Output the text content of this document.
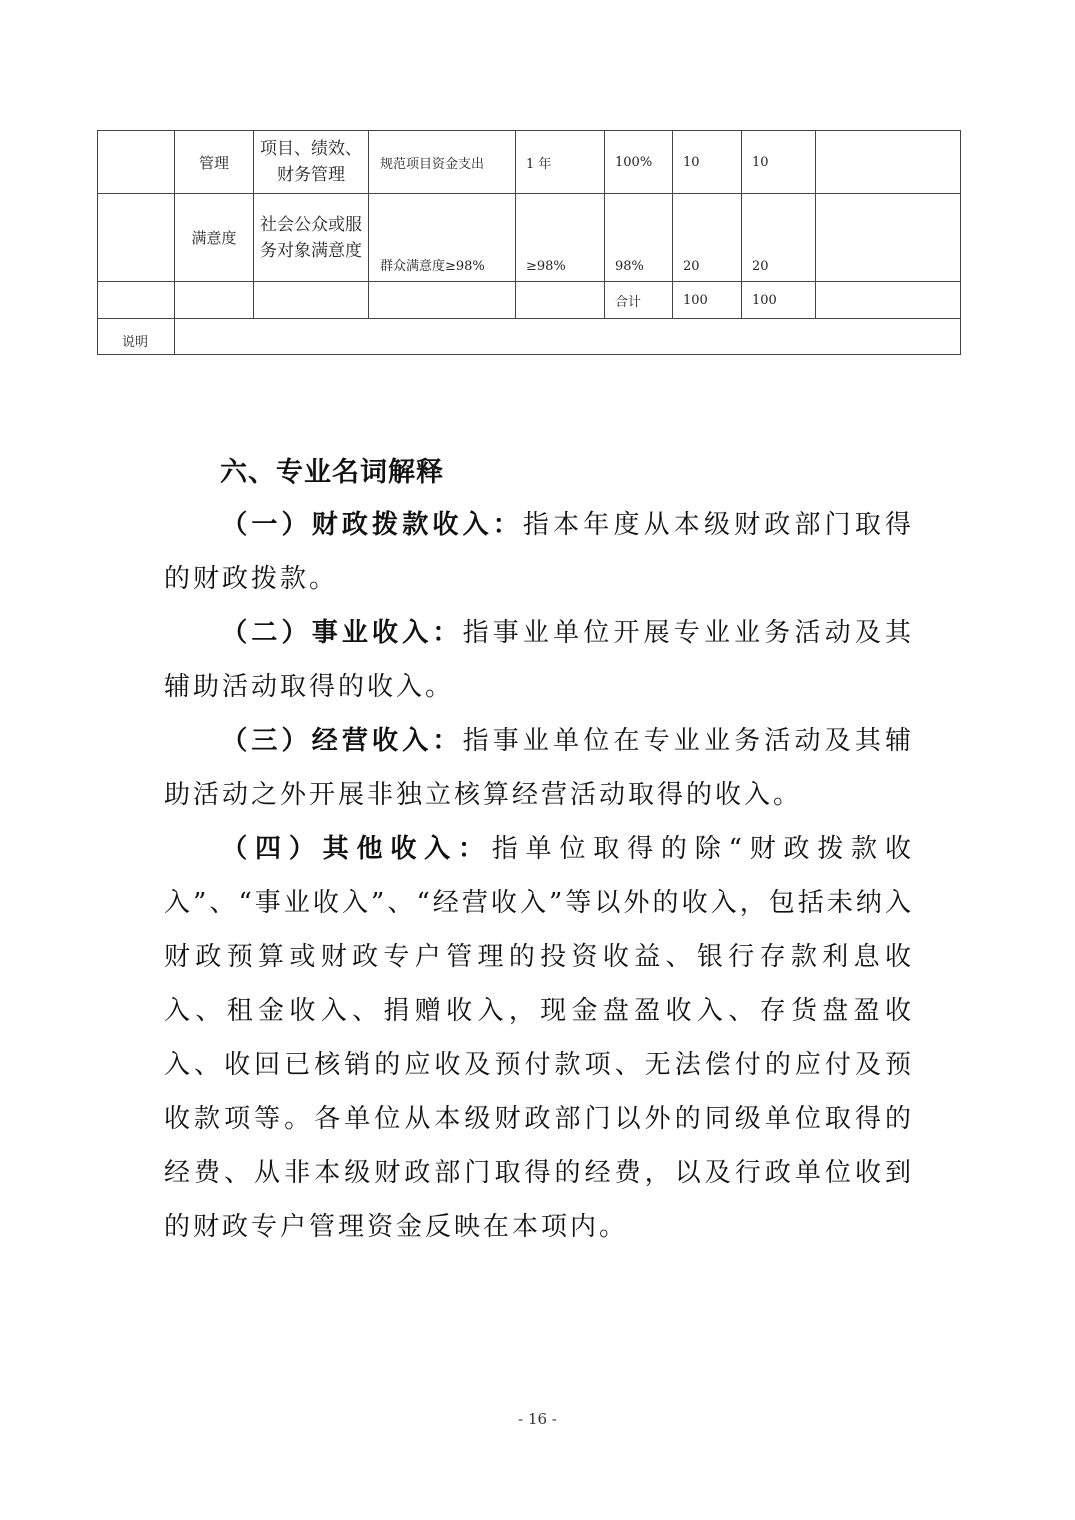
	管理	项目、绩效、财务管理	规范项目资金支出	1 年	100%	10	10	
	满意度	社会公众或服务对象满意度	群众满意度≥98%	≥98%	98%	20	20	
					合计	100	100	
说明								
六、专业名词解释

（一）财政拨款收入：指本年度从本级财政部门取得的财政拨款。

（二）事业收入：指事业单位开展专业业务活动及其辅助活动取得的收入。

（三）经营收入：指事业单位在专业业务活动及其辅助活动之外开展非独立核算经营活动取得的收入。

（四）其他收入：指单位取得的除“财政拨款收入”、“事业收入”、“经营收入”等以外的收入，包括未纳入财政预算或财政专户管理的投资收益、银行存款利息收入、租金收入、捐赠收入，现金盘盈收入、存货盘盈收入、收回已核销的应收及预付款项、无法偿付的应付及预收款项等。各单位从本级财政部门以外的同级单位取得的经费、从非本级财政部门取得的经费，以及行政单位收到的财政专户管理资金反映在本项内。

- 16 -
